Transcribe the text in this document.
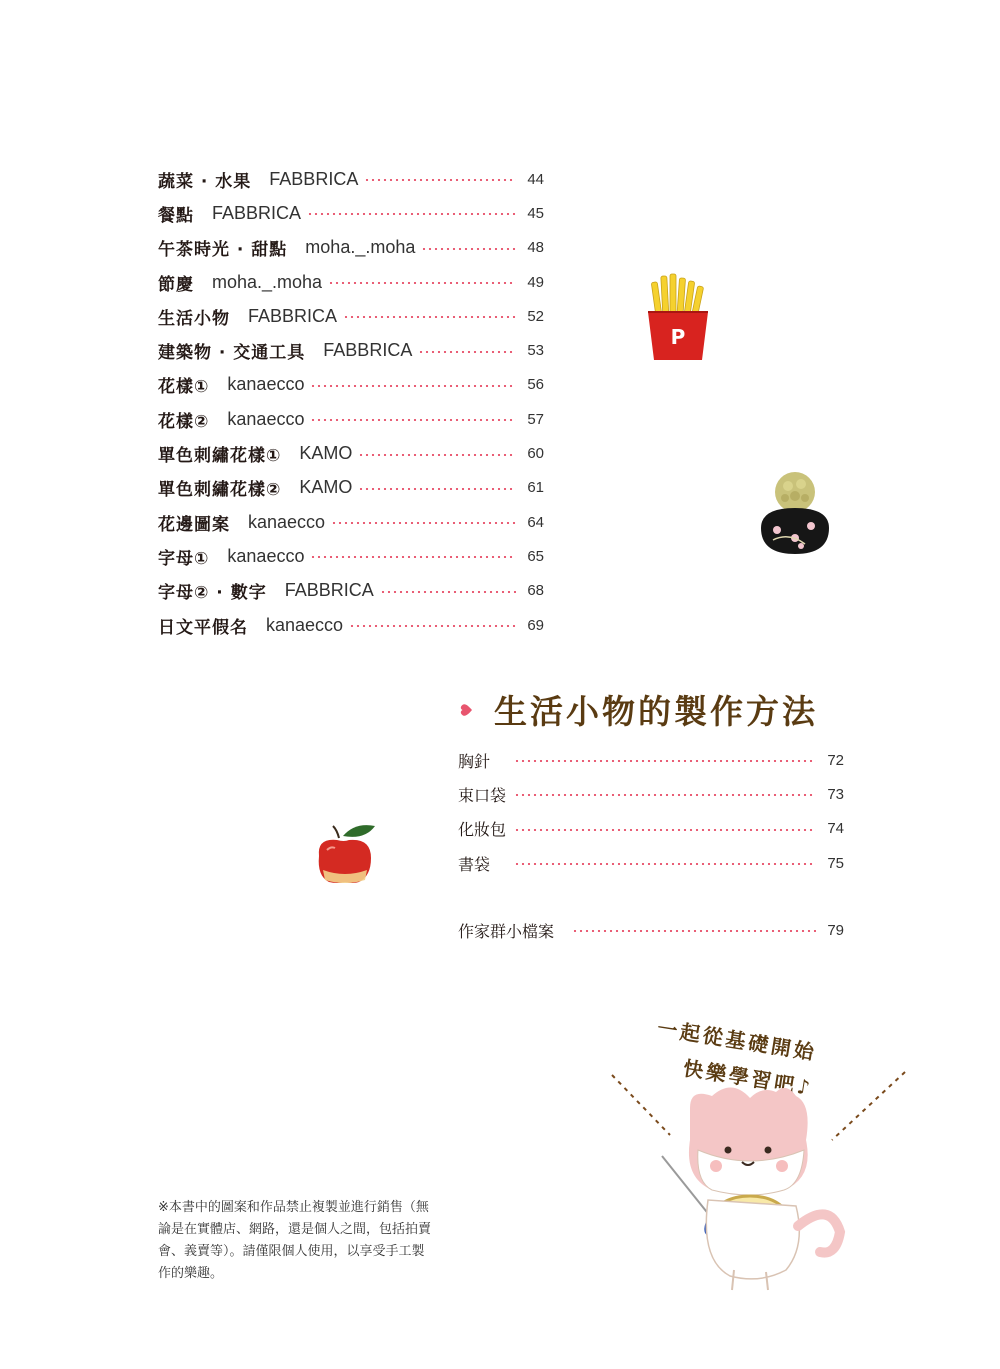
蔬菜 · 水果 FABBRICA	44
餐點 FABBRICA	45
午茶時光 · 甜點 moha._.moha	48
節慶 moha._.moha	49
生活小物 FABBRICA	52
建築物 · 交通工具 FABBRICA	53
花樣① kanaecco	56
花樣② kanaecco	57
單色刺繡花樣① KAMO	60
單色刺繡花樣② KAMO	61
花邊圖案 kanaecco	64
字母① kanaecco	65
字母② · 數字 FABBRICA	68
日文平假名 kanaecco	69
P
生活小物的製作方法
胸針	72
束口袋	73
化妝包	74
書袋	75
作家群小檔案	79
一起從基礎開始
快樂學習吧♪
※本書中的圖案和作品禁止複製並進行銷售（無論是在實體店、網路，還是個人之間，包括拍賣會、義賣等）。請僅限個人使用，以享受手工製作的樂趣。
